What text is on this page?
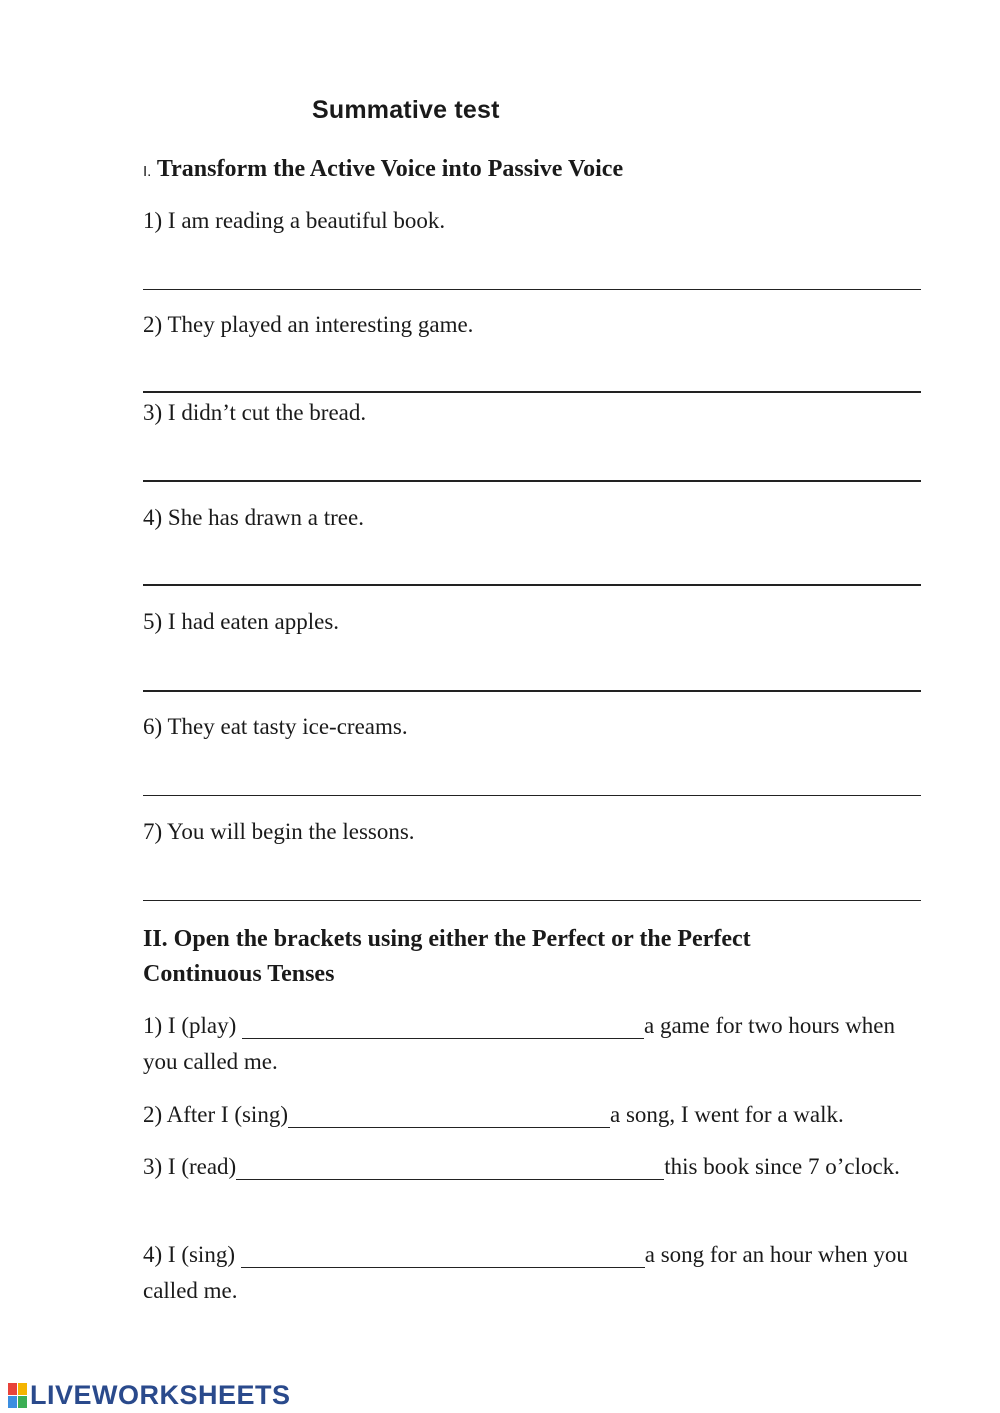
Summative test
I. Transform the Active Voice into Passive Voice
1) I am reading a beautiful book.
2) They played an interesting game.
3) I didn’t cut the bread.
4) She has drawn a tree.
5) I had eaten apples.
6) They eat tasty ice-creams.
7) You will begin the lessons.
II. Open the brackets using either the Perfect or the Perfect Continuous Tenses
1) I (play)	a game for two hours when you called me.
2) After I (sing)	a song, I went for a walk.
3) I (read)	this book since 7 o’clock.
4) I (sing)	a song for an hour when you called me.
LIVEWORKSHEETS
